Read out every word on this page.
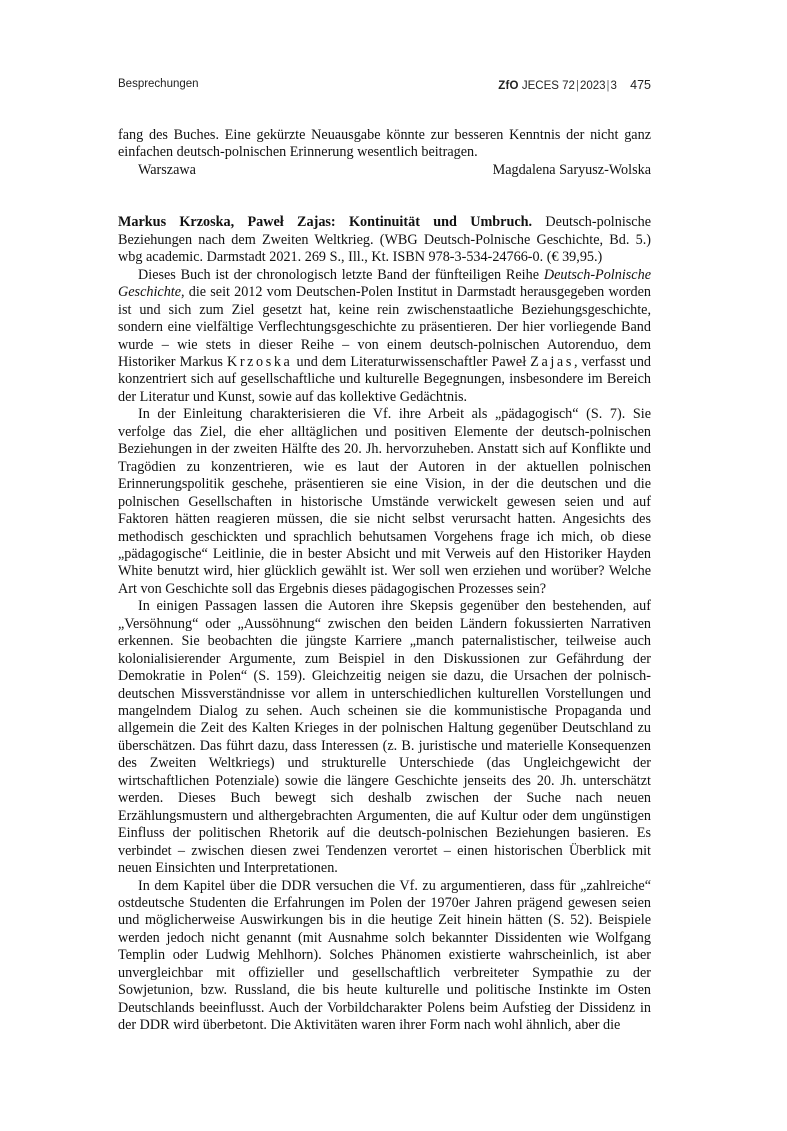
Besprechungen	ZfO JECES 72|2023|3 475

fang des Buches. Eine gekürzte Neuausgabe könnte zur besseren Kenntnis der nicht ganz einfachen deutsch-polnischen Erinnerung wesentlich beitragen.

Warszawa	Magdalena Saryusz-Wolska

Markus Krzoska, Paweł Zajas: Kontinuität und Umbruch. Deutsch-polnische Beziehungen nach dem Zweiten Weltkrieg. (WBG Deutsch-Polnische Geschichte, Bd. 5.) wbg academic. Darmstadt 2021. 269 S., Ill., Kt. ISBN 978-3-534-24766-0. (€ 39,95.)

Dieses Buch ist der chronologisch letzte Band der fünfteiligen Reihe Deutsch-Polnische Geschichte, die seit 2012 vom Deutschen-Polen Institut in Darmstadt herausgegeben worden ist und sich zum Ziel gesetzt hat, keine rein zwischenstaatliche Beziehungsgeschichte, sondern eine vielfältige Verflechtungsgeschichte zu präsentieren. Der hier vorliegende Band wurde – wie stets in dieser Reihe – von einem deutsch-polnischen Autorenduo, dem Historiker Markus Krzoska und dem Literaturwissenschaftler Paweł Zajas, verfasst und konzentriert sich auf gesellschaftliche und kulturelle Begegnungen, insbesondere im Bereich der Literatur und Kunst, sowie auf das kollektive Gedächtnis.

In der Einleitung charakterisieren die Vf. ihre Arbeit als „pädagogisch“ (S. 7). Sie verfolge das Ziel, die eher alltäglichen und positiven Elemente der deutsch-polnischen Beziehungen in der zweiten Hälfte des 20. Jh. hervorzuheben. Anstatt sich auf Konflikte und Tragödien zu konzentrieren, wie es laut der Autoren in der aktuellen polnischen Erinnerungspolitik geschehe, präsentieren sie eine Vision, in der die deutschen und die polnischen Gesellschaften in historische Umstände verwickelt gewesen seien und auf Faktoren hätten reagieren müssen, die sie nicht selbst verursacht hatten. Angesichts des methodisch geschickten und sprachlich behutsamen Vorgehens frage ich mich, ob diese „pädagogische“ Leitlinie, die in bester Absicht und mit Verweis auf den Historiker Hayden White benutzt wird, hier glücklich gewählt ist. Wer soll wen erziehen und worüber? Welche Art von Geschichte soll das Ergebnis dieses pädagogischen Prozesses sein?

In einigen Passagen lassen die Autoren ihre Skepsis gegenüber den bestehenden, auf „Versöhnung“ oder „Aussöhnung“ zwischen den beiden Ländern fokussierten Narrativen erkennen. Sie beobachten die jüngste Karriere „manch paternalistischer, teilweise auch kolonialisierender Argumente, zum Beispiel in den Diskussionen zur Gefährdung der Demokratie in Polen“ (S. 159). Gleichzeitig neigen sie dazu, die Ursachen der polnisch-deutschen Missverständnisse vor allem in unterschiedlichen kulturellen Vorstellungen und mangelndem Dialog zu sehen. Auch scheinen sie die kommunistische Propaganda und allgemein die Zeit des Kalten Krieges in der polnischen Haltung gegenüber Deutschland zu überschätzen. Das führt dazu, dass Interessen (z. B. juristische und materielle Konsequenzen des Zweiten Weltkriegs) und strukturelle Unterschiede (das Ungleichgewicht der wirtschaftlichen Potenziale) sowie die längere Geschichte jenseits des 20. Jh. unterschätzt werden. Dieses Buch bewegt sich deshalb zwischen der Suche nach neuen Erzählungsmustern und althergebrachten Argumenten, die auf Kultur oder dem ungünstigen Einfluss der politischen Rhetorik auf die deutsch-polnischen Beziehungen basieren. Es verbindet – zwischen diesen zwei Tendenzen verortet – einen historischen Überblick mit neuen Einsichten und Interpretationen.

In dem Kapitel über die DDR versuchen die Vf. zu argumentieren, dass für „zahlreiche“ ostdeutsche Studenten die Erfahrungen im Polen der 1970er Jahren prägend gewesen seien und möglicherweise Auswirkungen bis in die heutige Zeit hinein hätten (S. 52). Beispiele werden jedoch nicht genannt (mit Ausnahme solch bekannter Dissidenten wie Wolfgang Templin oder Ludwig Mehlhorn). Solches Phänomen existierte wahrscheinlich, ist aber unvergleichbar mit offizieller und gesellschaftlich verbreiteter Sympathie zu der Sowjetunion, bzw. Russland, die bis heute kulturelle und politische Instinkte im Osten Deutschlands beeinflusst. Auch der Vorbildcharakter Polens beim Aufstieg der Dissidenz in der DDR wird überbetont. Die Aktivitäten waren ihrer Form nach wohl ähnlich, aber die
